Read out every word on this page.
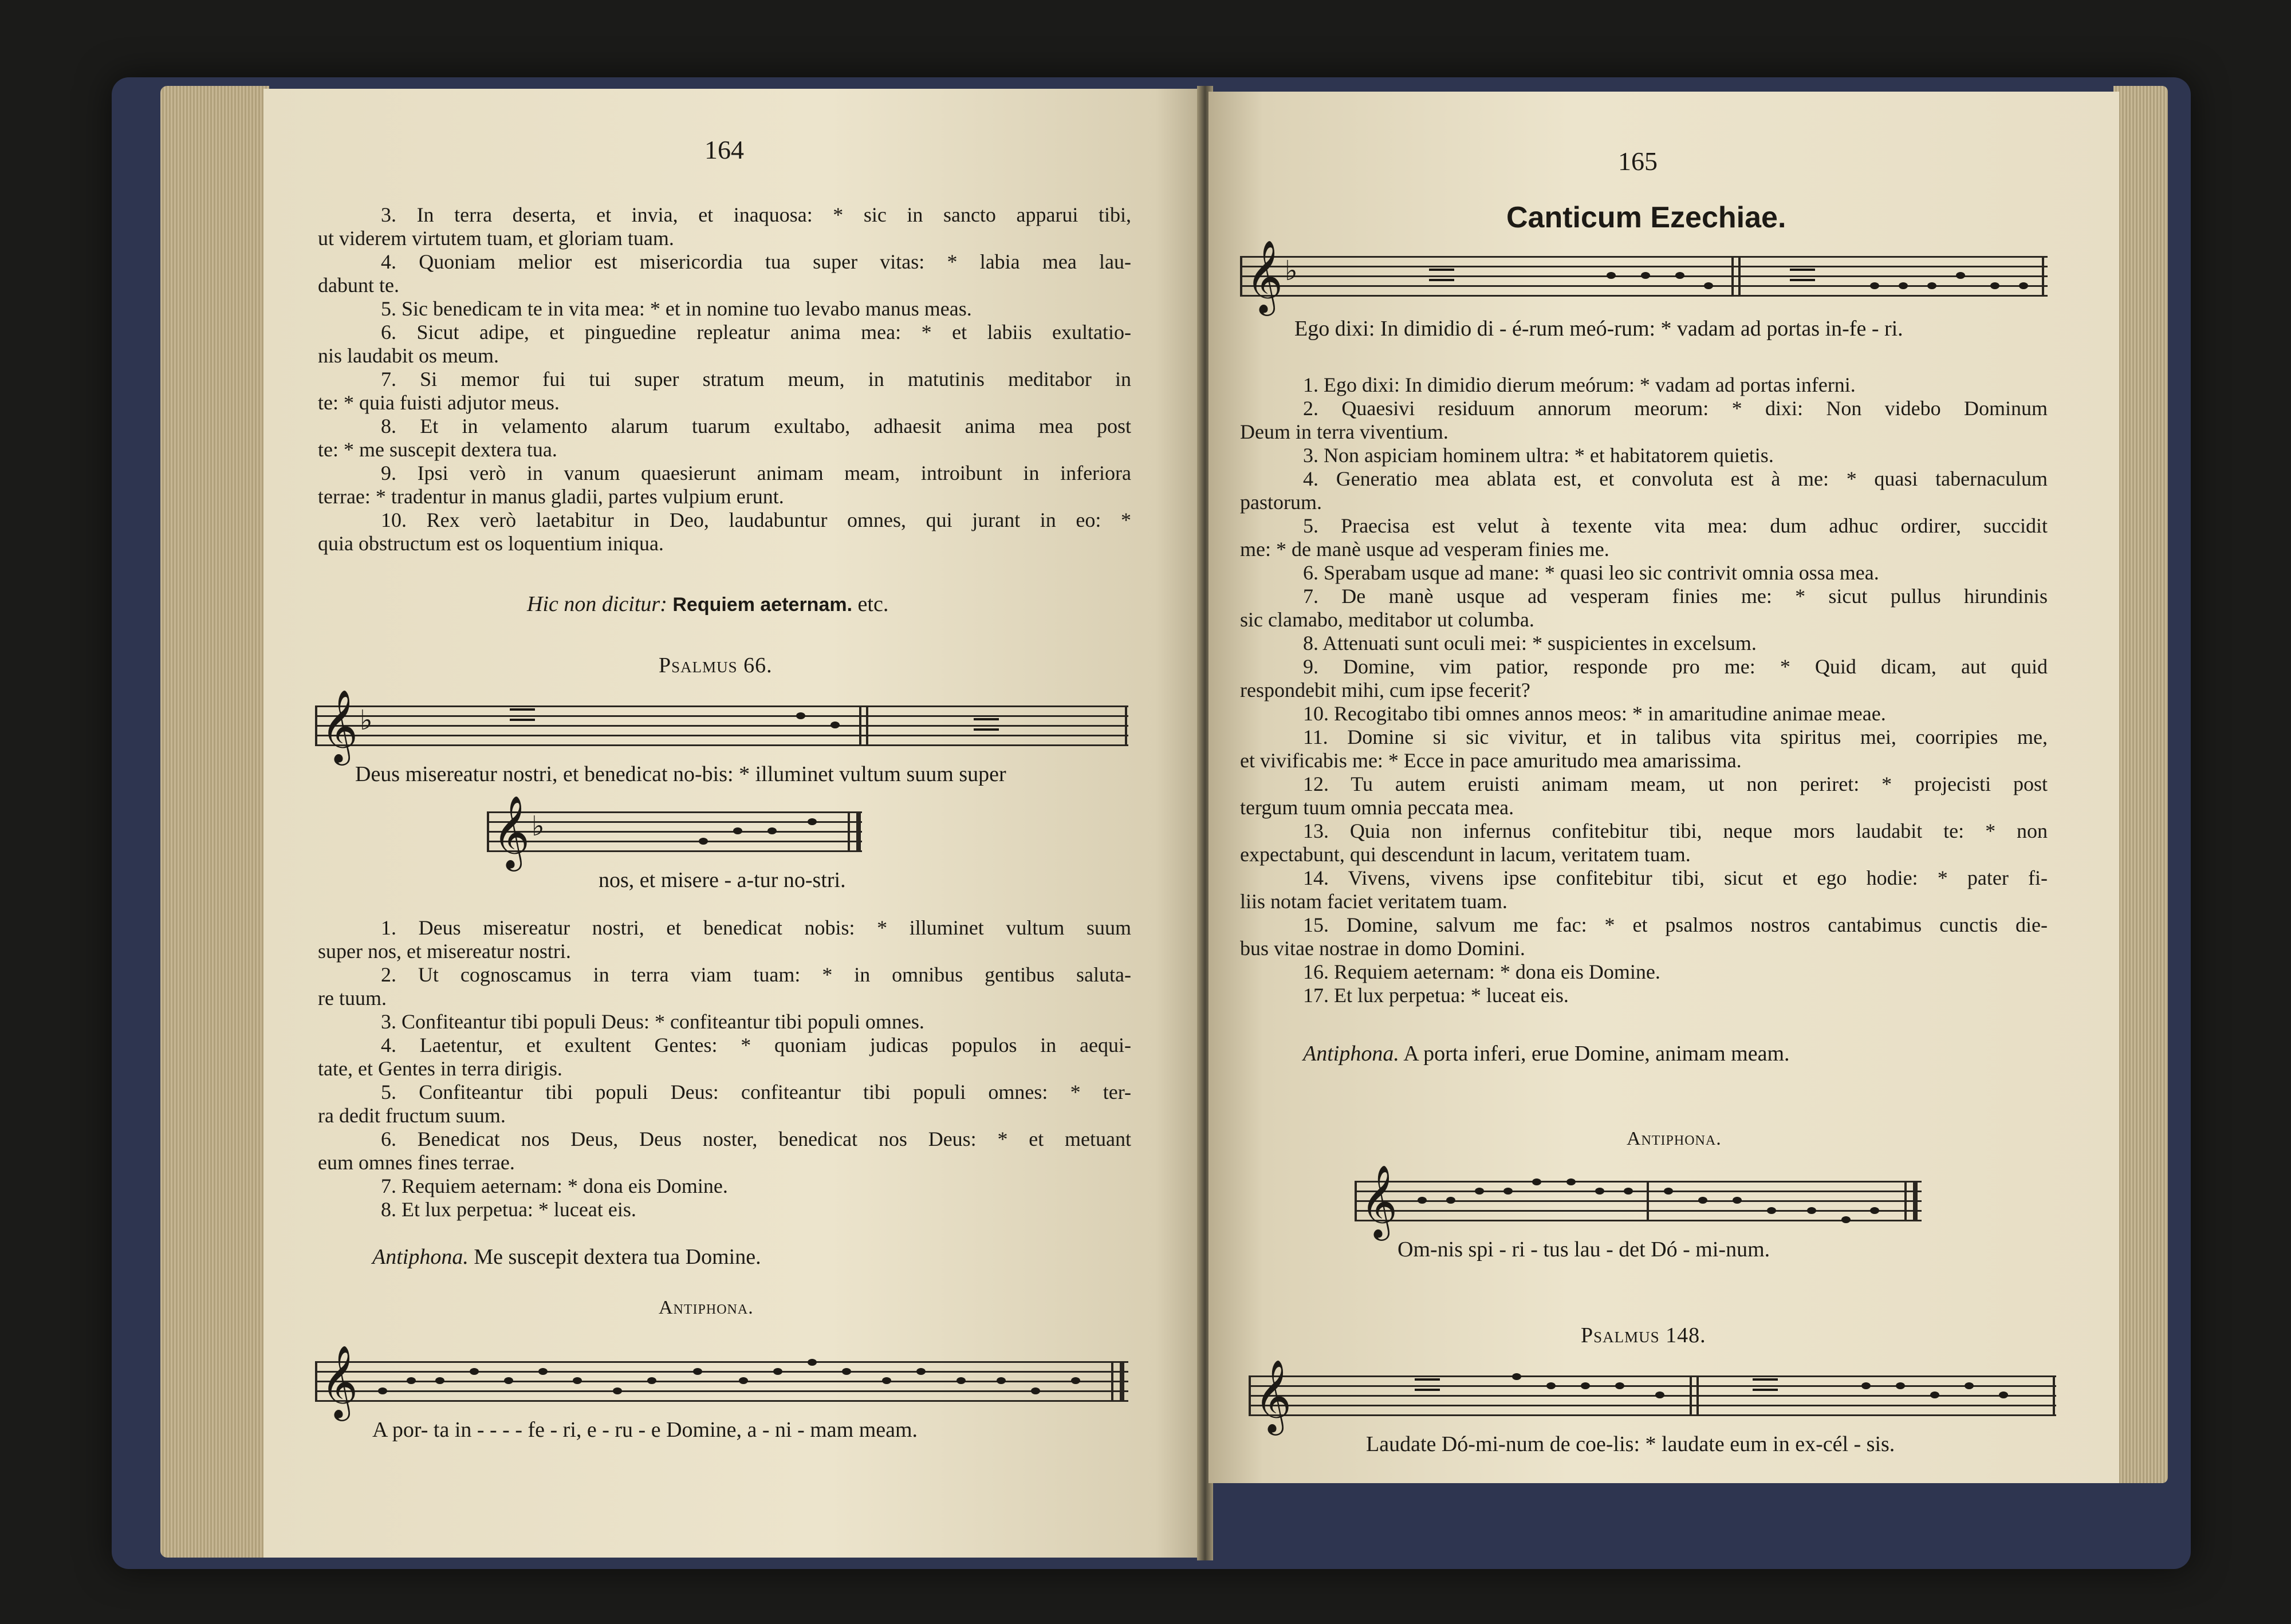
164

3. In terra deserta, et invia, et inaquosa: * sic in sancto apparui tibi,

ut viderem virtutem tuam, et gloriam tuam.

4. Quoniam melior est misericordia tua super vitas: * labia mea lau-

dabunt te.

5. Sic benedicam te in vita mea: * et in nomine tuo levabo manus meas.

6. Sicut adipe, et pinguedine repleatur anima mea: * et labiis exultatio-

nis laudabit os meum.

7. Si memor fui tui super stratum meum, in matutinis meditabor in

te: * quia fuisti adjutor meus.

8. Et in velamento alarum tuarum exultabo, adhaesit anima mea post

te: * me suscepit dextera tua.

9. Ipsi verò in vanum quaesierunt animam meam, introibunt in inferiora

terrae: * tradentur in manus gladii, partes vulpium erunt.

10. Rex verò laetabitur in Deo, laudabuntur omnes, qui jurant in eo: *

quia obstructum est os loquentium iniqua.

Hic non dicitur: Requiem aeternam. etc.
Psalmus 66.
𝄞 ♭
Deus misereatur nostri, et benedicat no-bis: * illuminet vultum suum super
𝄞 ♭
nos, et misere - a-tur no-stri.

1. Deus misereatur nostri, et benedicat nobis: * illuminet vultum suum

super nos, et misereatur nostri.

2. Ut cognoscamus in terra viam tuam: * in omnibus gentibus saluta-

re tuum.

3. Confiteantur tibi populi Deus: * confiteantur tibi populi omnes.

4. Laetentur, et exultent Gentes: * quoniam judicas populos in aequi-

tate, et Gentes in terra dirigis.

5. Confiteantur tibi populi Deus: confiteantur tibi populi omnes: * ter-

ra dedit fructum suum.

6. Benedicat nos Deus, Deus noster, benedicat nos Deus: * et metuant

eum omnes fines terrae.

7. Requiem aeternam: * dona eis Domine.

8. Et lux perpetua: * luceat eis.

Antiphona. Me suscepit dextera tua Domine.
Antiphona.
𝄞
A por- ta in - - - - fe - ri, e - ru - e Domine, a - ni - mam meam.
165
Canticum Ezechiae.
𝄞 ♭
Ego dixi: In dimidio di - é-rum meó-rum: * vadam ad portas in-fe - ri.

1. Ego dixi: In dimidio dierum meórum: * vadam ad portas inferni.

2. Quaesivi residuum annorum meorum: * dixi: Non videbo Dominum

Deum in terra viventium.

3. Non aspiciam hominem ultra: * et habitatorem quietis.

4. Generatio mea ablata est, et convoluta est à me: * quasi tabernaculum

pastorum.

5. Praecisa est velut à texente vita mea: dum adhuc ordirer, succidit

me: * de manè usque ad vesperam finies me.

6. Sperabam usque ad mane: * quasi leo sic contrivit omnia ossa mea.

7. De manè usque ad vesperam finies me: * sicut pullus hirundinis

sic clamabo, meditabor ut columba.

8. Attenuati sunt oculi mei: * suspicientes in excelsum.

9. Domine, vim patior, responde pro me: * Quid dicam, aut quid

respondebit mihi, cum ipse fecerit?

10. Recogitabo tibi omnes annos meos: * in amaritudine animae meae.

11. Domine si sic vivitur, et in talibus vita spiritus mei, coorripies me,

et vivificabis me: * Ecce in pace amuritudo mea amarissima.

12. Tu autem eruisti animam meam, ut non periret: * projecisti post

tergum tuum omnia peccata mea.

13. Quia non infernus confitebitur tibi, neque mors laudabit te: * non

expectabunt, qui descendunt in lacum, veritatem tuam.

14. Vivens, vivens ipse confitebitur tibi, sicut et ego hodie: * pater fi-

liis notam faciet veritatem tuam.

15. Domine, salvum me fac: * et psalmos nostros cantabimus cunctis die-

bus vitae nostrae in domo Domini.

16. Requiem aeternam: * dona eis Domine.

17. Et lux perpetua: * luceat eis.

Antiphona. A porta inferi, erue Domine, animam meam.
Antiphona.
𝄞
Om-nis spi - ri - tus lau - det Dó - mi-num.
Psalmus 148.
𝄞
Laudate Dó-mi-num de coe-lis: * laudate eum in ex-cél - sis.
